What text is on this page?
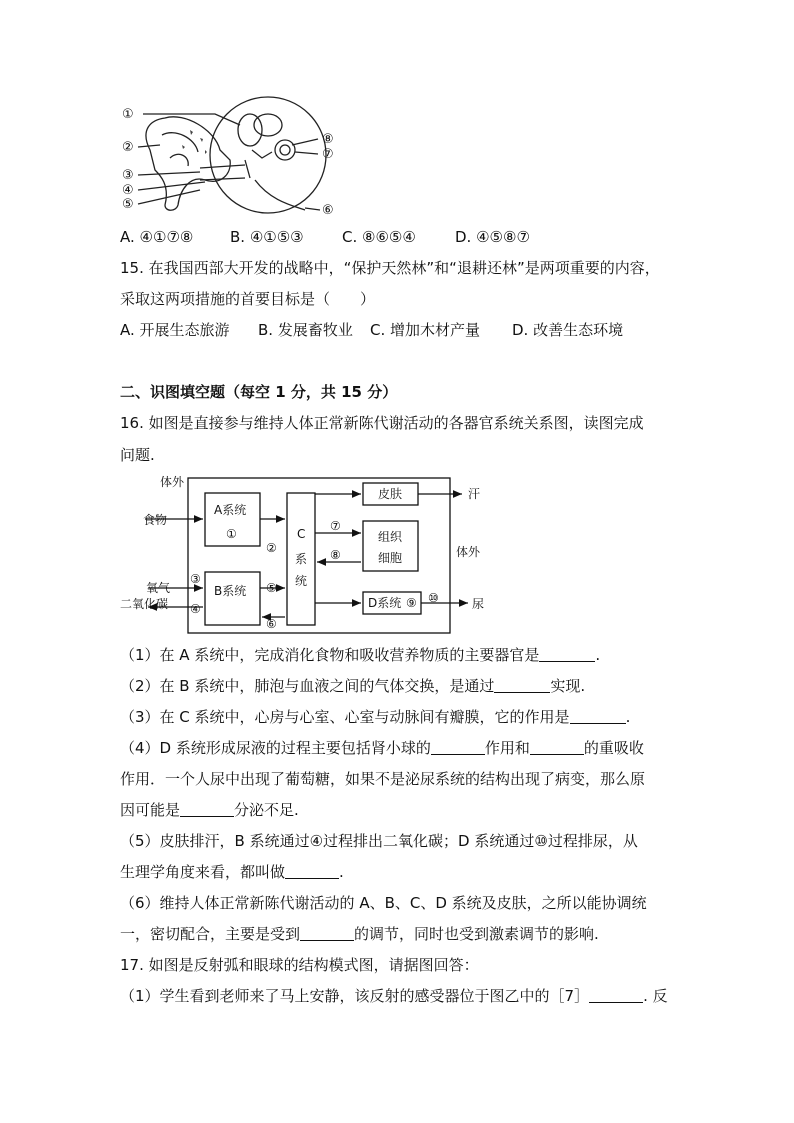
①
②
③
④
⑤	⑥
⑦
⑧
A. ④①⑦⑧ B. ④①⑤③	C. ⑧⑥⑤④	D. ④⑤⑧⑦
15. 在我国西部大开发的战略中，“保护天然林”和“退耕还林”是两项重要的内容，
采取这两项措施的首要目标是（　　）
A. 开展生态旅游 B. 发展畜牧业 C. 增加木材产量 D. 改善生态环境
二、识图填空题（每空 1 分，共 15 分）
16. 如图是直接参与维持人体正常新陈代谢活动的各器官系统关系图，读图完成
问题.
体外
体外
食物
氧气
二氧化碳
A系统
①
B系统
C
系
统
皮肤	汗
组织
细胞
D系统 ⑨	尿
②
③
④
⑤
⑥
⑦
⑧
⑩
（1）在 A 系统中，完成消化食物和吸收营养物质的主要器官是	.
（2）在 B 系统中，肺泡与血液之间的气体交换，是通过	实现.
（3）在 C 系统中，心房与心室、心室与动脉间有瓣膜，它的作用是	.
（4）D 系统形成尿液的过程主要包括肾小球的	作用和	的重吸收
作用．一个人尿中出现了葡萄糖，如果不是泌尿系统的结构出现了病变，那么原
因可能是	分泌不足.
（5）皮肤排汗，B 系统通过④过程排出二氧化碳；D 系统通过⑩过程排尿，从
生理学角度来看，都叫做	.
（6）维持人体正常新陈代谢活动的 A、B、C、D 系统及皮肤，之所以能协调统
一，密切配合，主要是受到	的调节，同时也受到激素调节的影响.
17. 如图是反射弧和眼球的结构模式图，请据图回答：
（1）学生看到老师来了马上安静，该反射的感受器位于图乙中的［7］	. 反
